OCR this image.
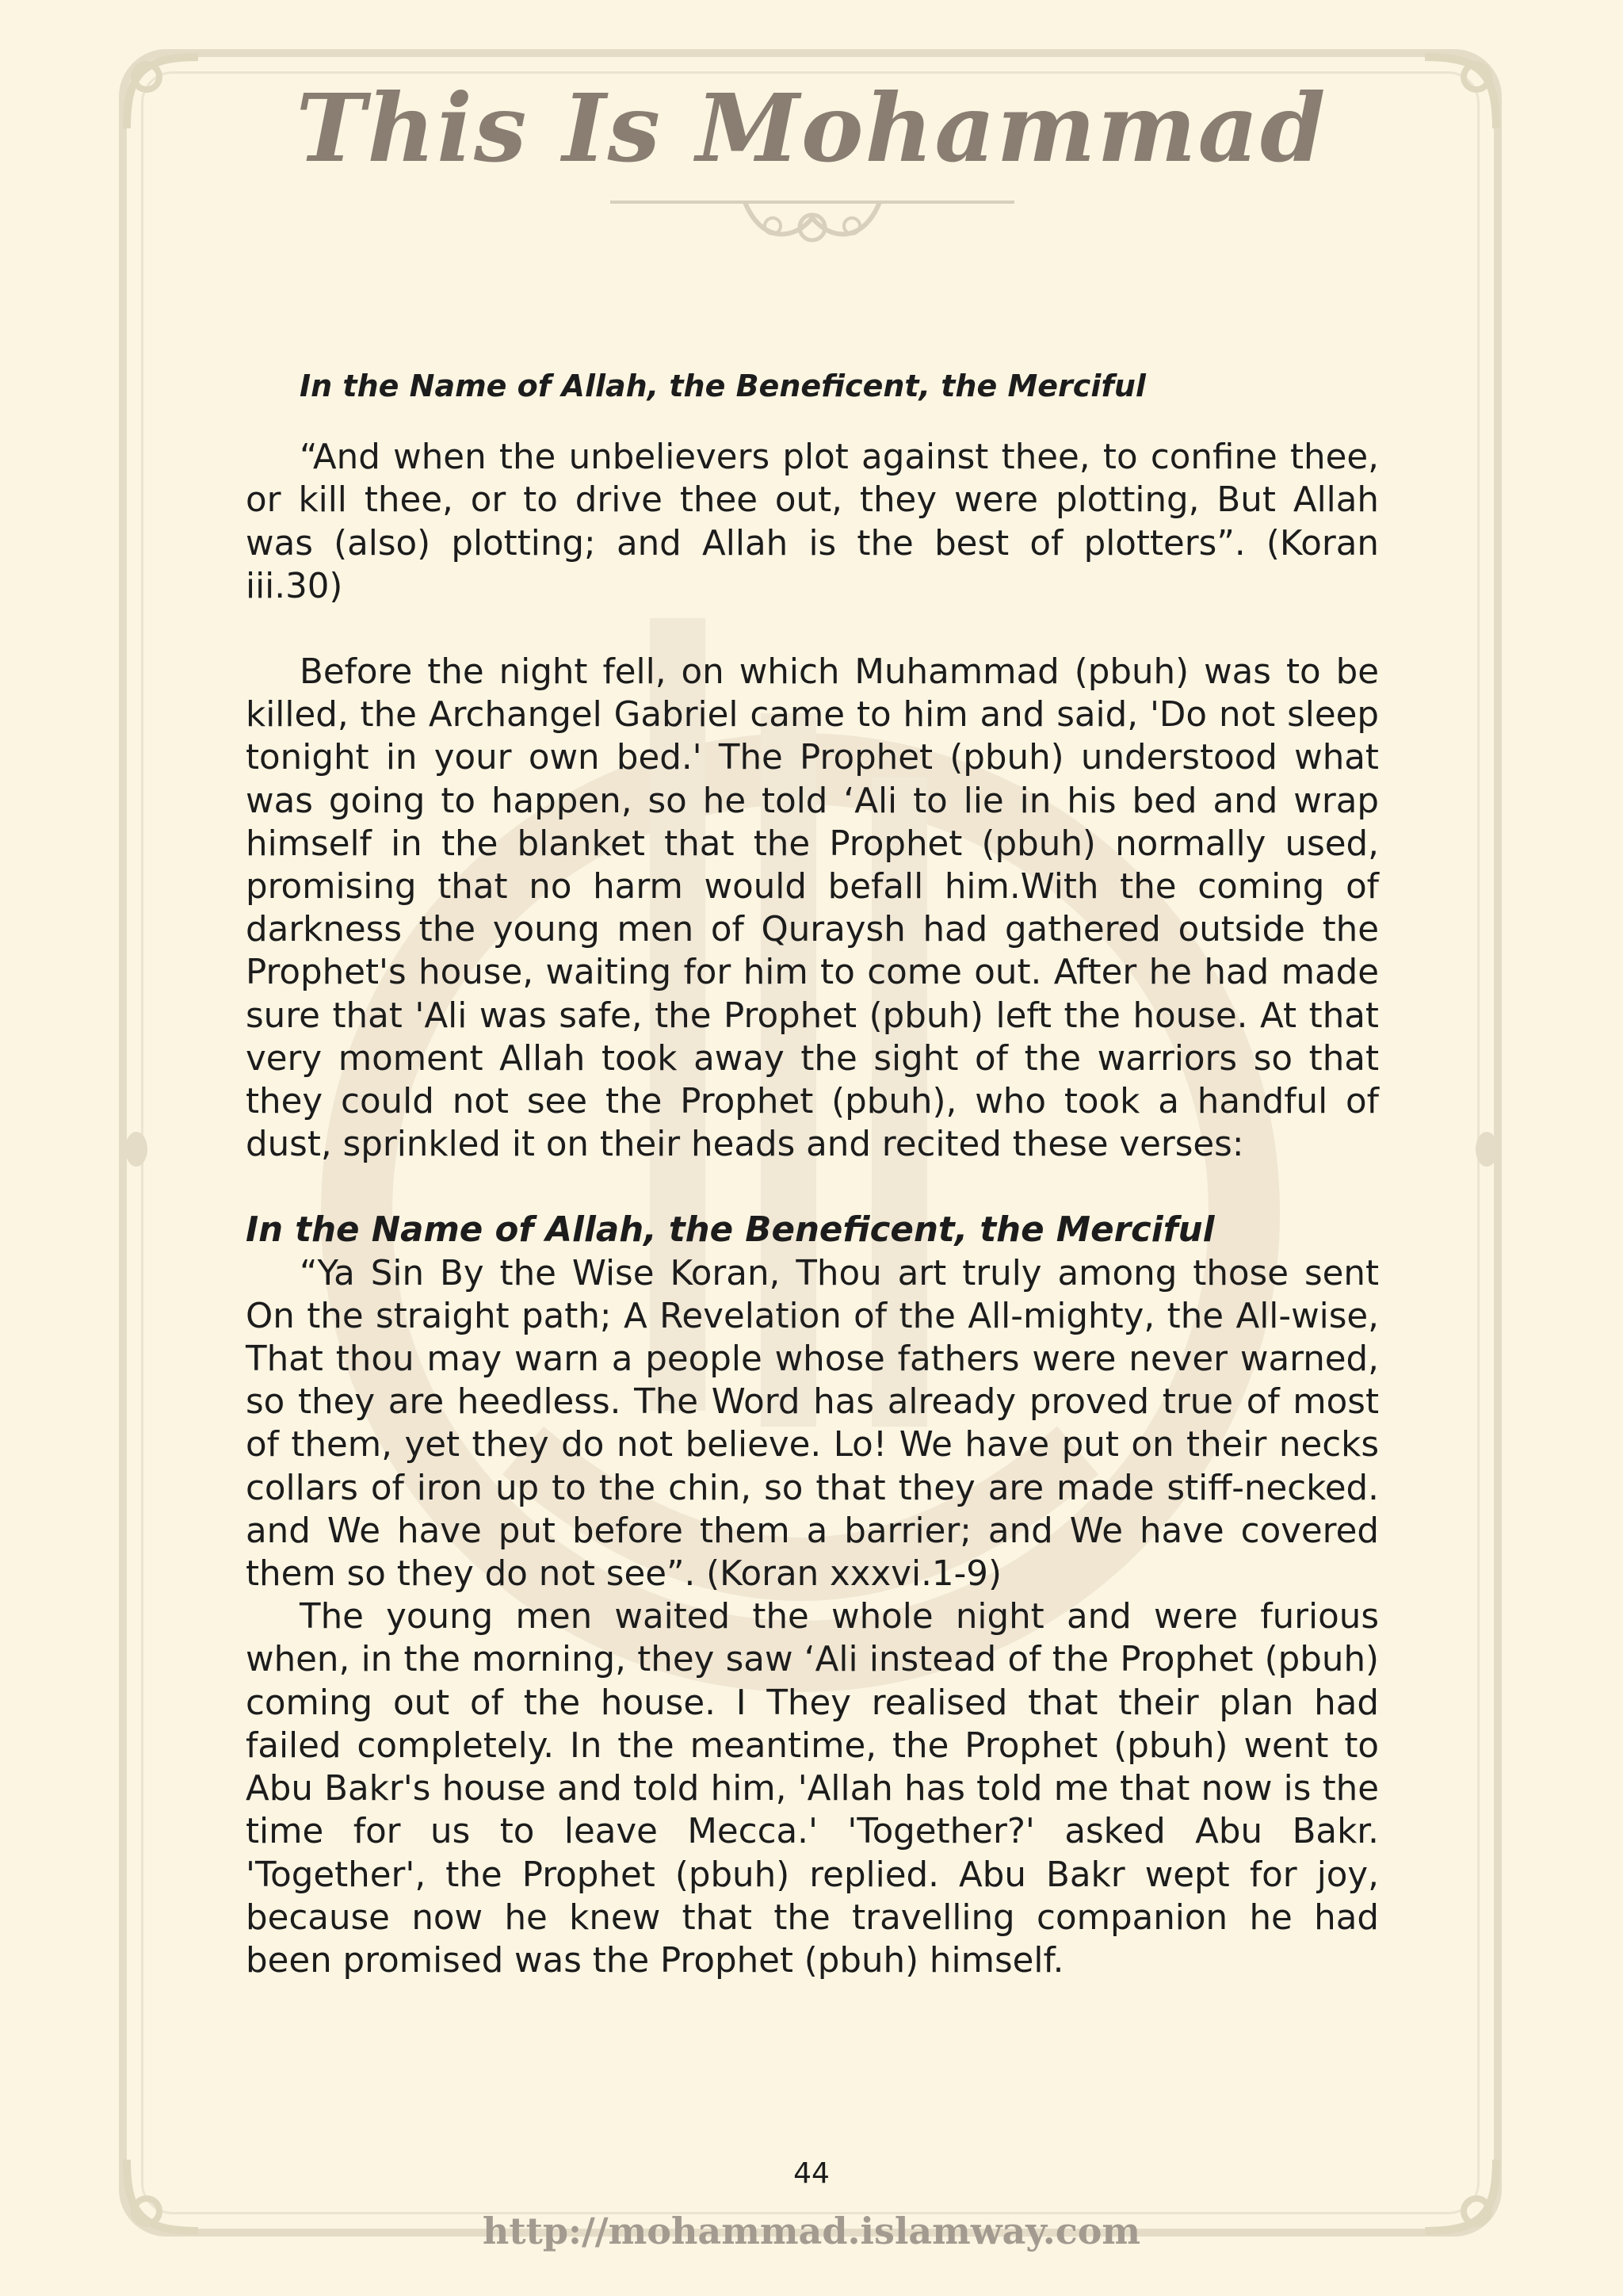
This Is Mohammad

In the Name of Allah, the Beneficent, the Merciful

“And when the unbelievers plot against thee, to confine thee, or kill thee, or to drive thee out, they were plotting, But Allah was (also) plotting; and Allah is the best of plotters”. (Koran iii.30)

Before the night fell, on which Muhammad (pbuh) was to be killed, the Archangel Gabriel came to him and said, 'Do not sleep tonight in your own bed.' The Prophet (pbuh) understood what was going to happen, so he told ‘Ali to lie in his bed and wrap himself in the blanket that the Prophet (pbuh) normally used, promising that no harm would befall him.With the coming of darkness the young men of Quraysh had gathered outside the Prophet's house, waiting for him to come out. After he had made sure that 'Ali was safe, the Prophet (pbuh) left the house. At that very moment Allah took away the sight of the warriors so that they could not see the Prophet (pbuh), who took a handful of dust, sprinkled it on their heads and recited these verses:

In the Name of Allah, the Beneficent, the Merciful

“Ya Sin By the Wise Koran, Thou art truly among those sent On the straight path; A Revelation of the All-mighty, the All-wise, That thou may warn a people whose fathers were never warned, so they are heedless. The Word has already proved true of most of them, yet they do not believe. Lo! We have put on their necks collars of iron up to the chin, so that they are made stiff-necked. and We have put before them a barrier; and We have covered them so they do not see”. (Koran xxxvi.1-9)

The young men waited the whole night and were furious when, in the morning, they saw ‘Ali instead of the Prophet (pbuh) coming out of the house. I They realised that their plan had failed completely. In the meantime, the Prophet (pbuh) went to Abu Bakr's house and told him, 'Allah has told me that now is the time for us to leave Mecca.' 'Together?' asked Abu Bakr. 'Together', the Prophet (pbuh) replied. Abu Bakr wept for joy, because now he knew that the travelling companion he had been promised was the Prophet (pbuh) himself.

44
http://mohammad.islamway.com
